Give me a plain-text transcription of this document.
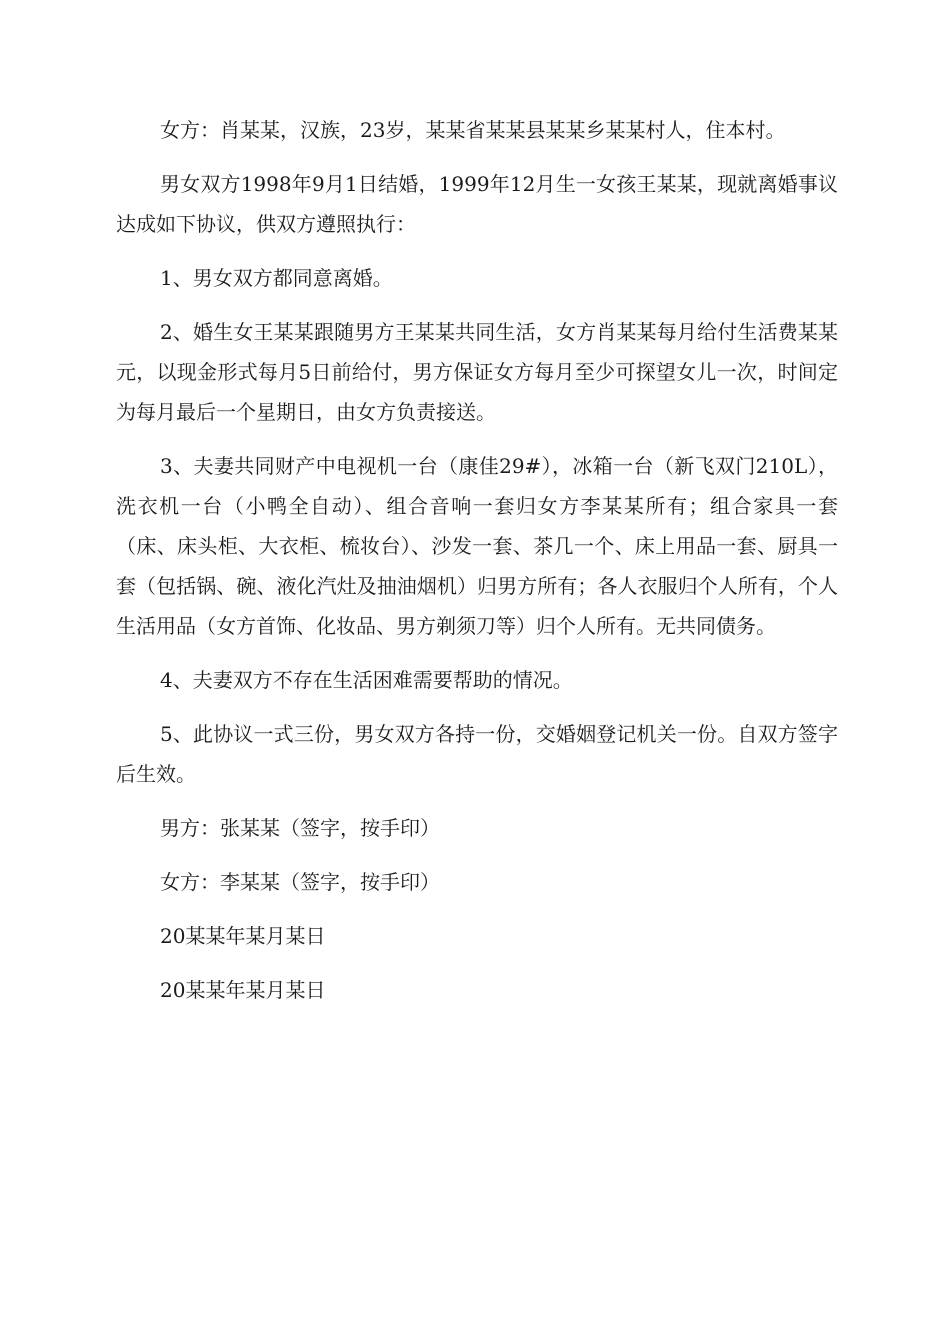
女方：肖某某，汉族，23岁，某某省某某县某某乡某某村人，住本村。

男女双方1998年9月1日结婚，1999年12月生一女孩王某某，现就离婚事议达成如下协议，供双方遵照执行：

1、男女双方都同意离婚。

2、婚生女王某某跟随男方王某某共同生活，女方肖某某每月给付生活费某某元，以现金形式每月5日前给付，男方保证女方每月至少可探望女儿一次，时间定为每月最后一个星期日，由女方负责接送。

3、夫妻共同财产中电视机一台（康佳29#），冰箱一台（新飞双门210L），洗衣机一台（小鸭全自动）、组合音响一套归女方李某某所有；组合家具一套（床、床头柜、大衣柜、梳妆台）、沙发一套、茶几一个、床上用品一套、厨具一套（包括锅、碗、液化汽灶及抽油烟机）归男方所有；各人衣服归个人所有，个人生活用品（女方首饰、化妆品、男方剃须刀等）归个人所有。无共同债务。

4、夫妻双方不存在生活困难需要帮助的情况。

5、此协议一式三份，男女双方各持一份，交婚姻登记机关一份。自双方签字后生效。

男方：张某某（签字，按手印）

女方：李某某（签字，按手印）

20某某年某月某日

20某某年某月某日
